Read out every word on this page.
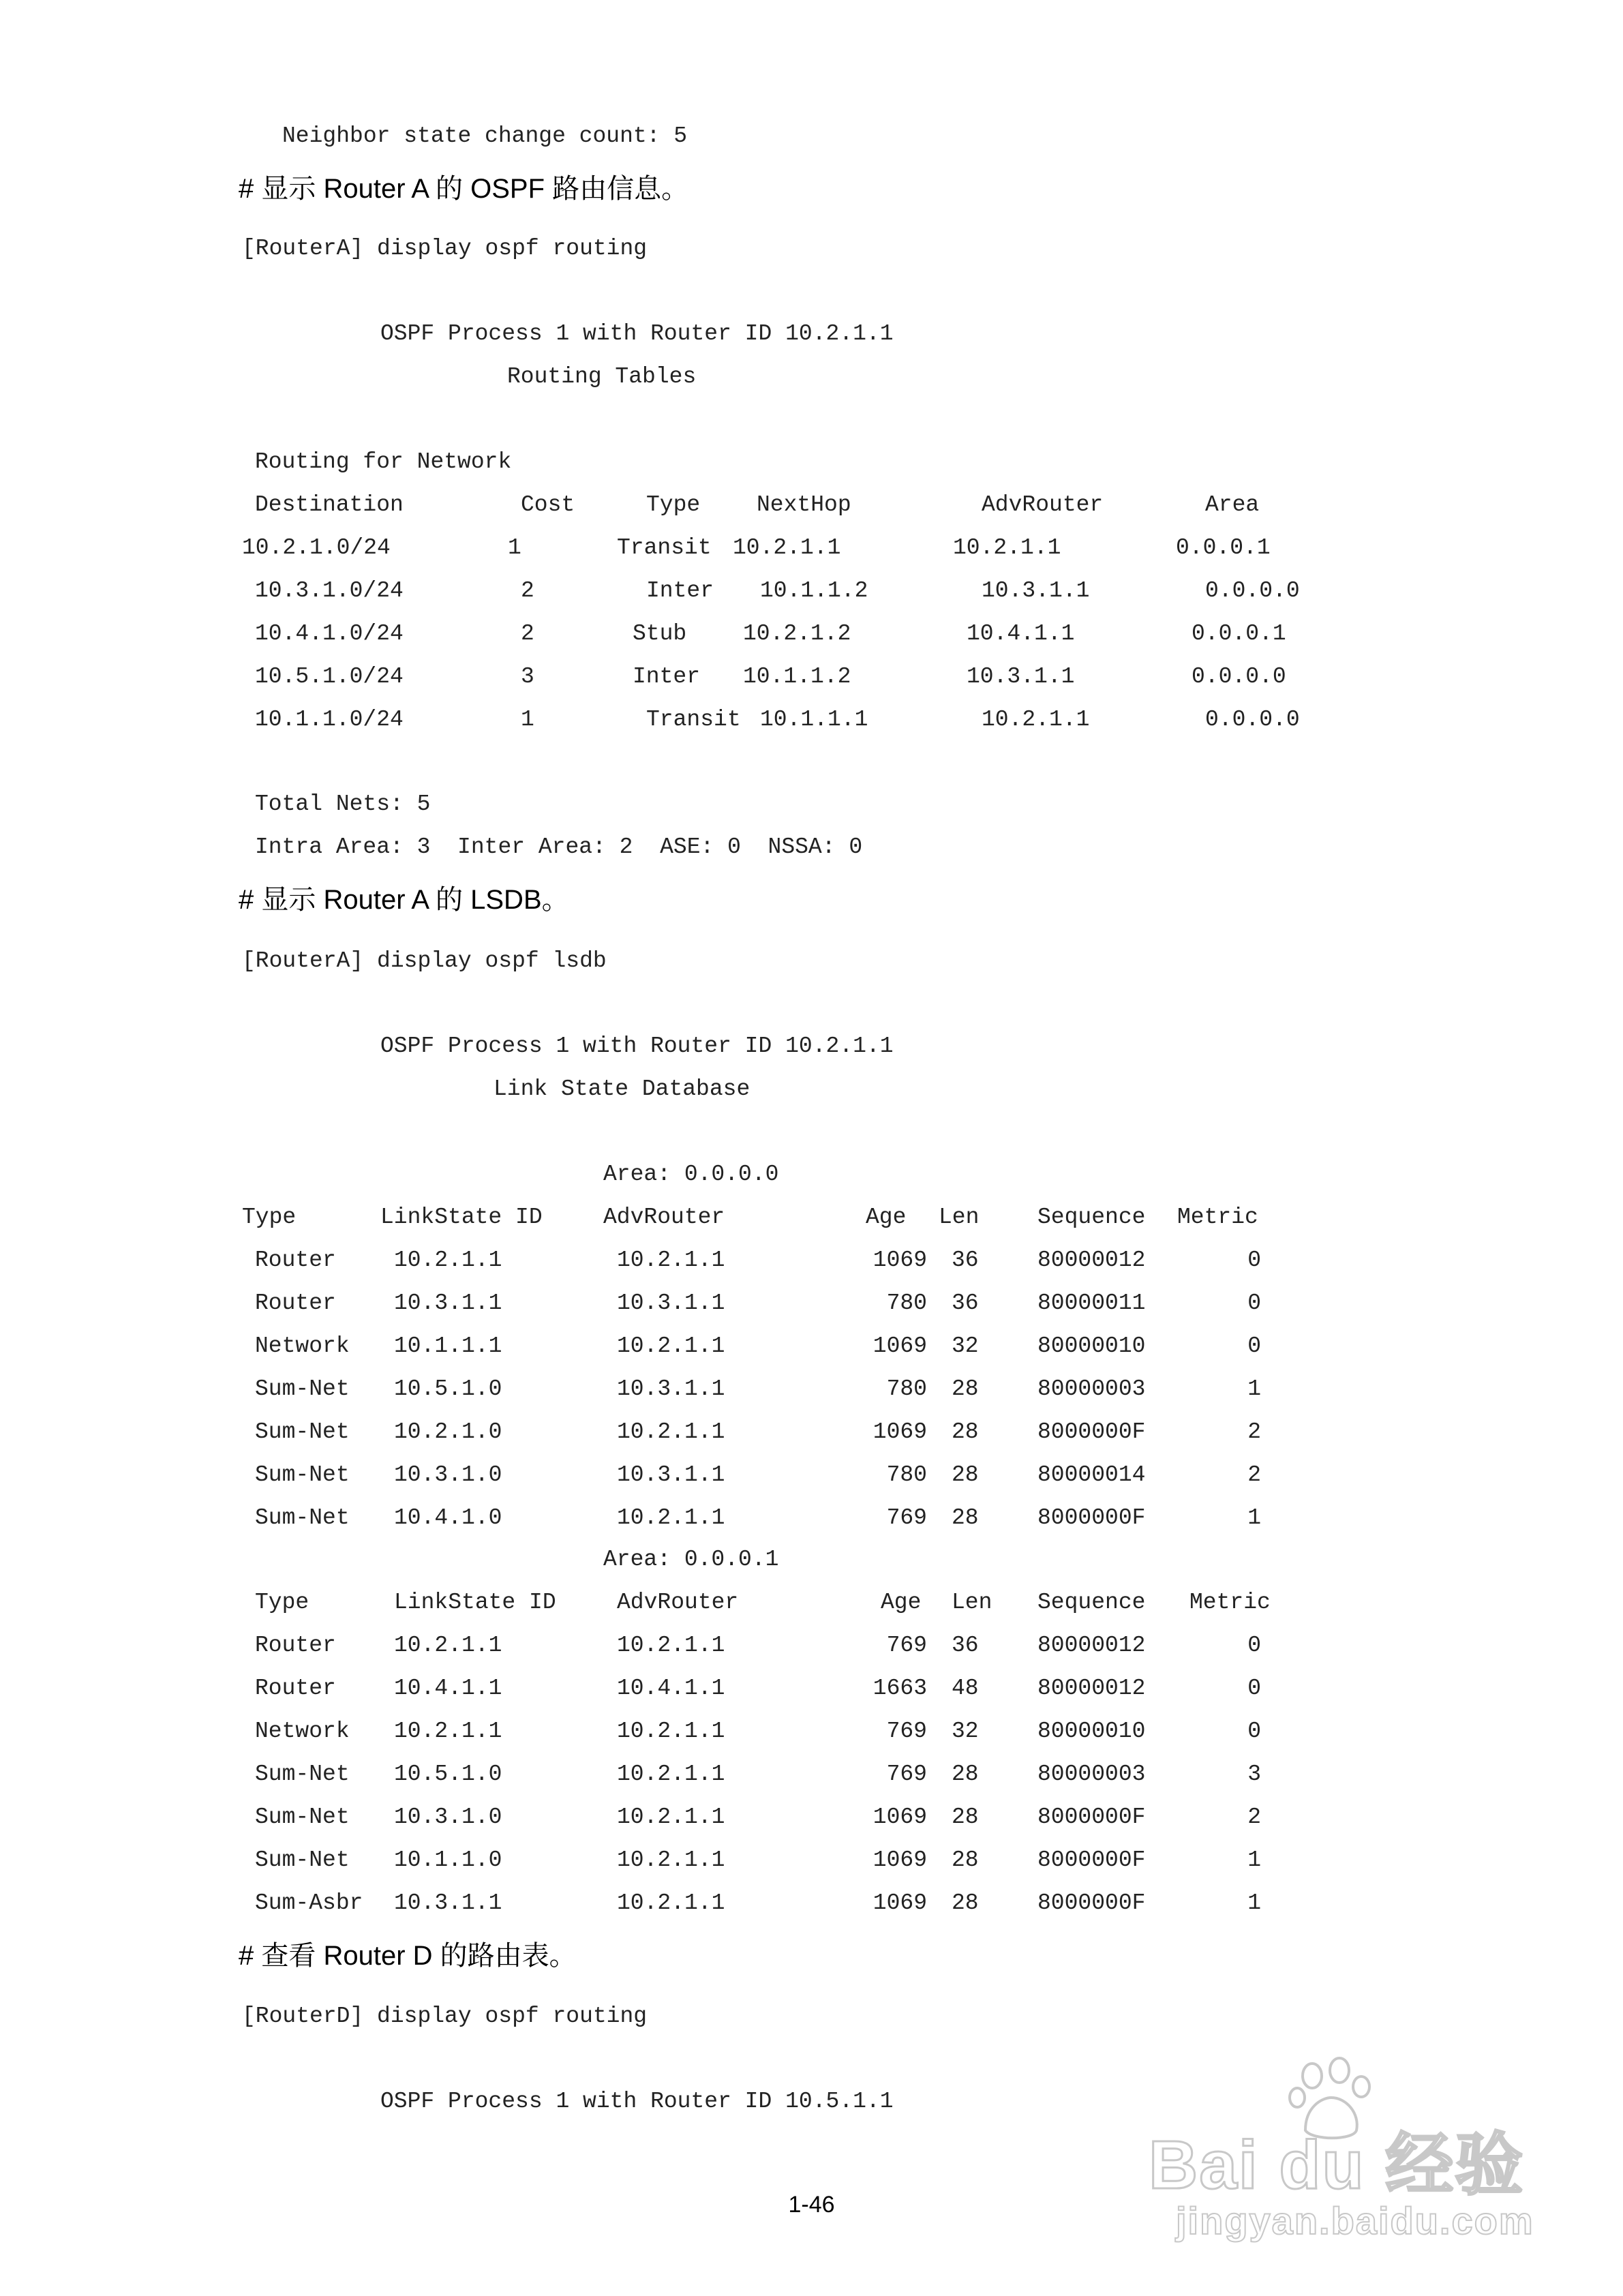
Neighbor state change count: 5
# 显示 Router A 的 OSPF 路由信息。
[RouterA] display ospf routing
OSPF Process 1 with Router ID 10.2.1.1
Routing Tables
Routing for Network
Destination	Cost	Type	NextHop	AdvRouter	Area
10.2.1.0/24	1	Transit 10.2.1.1	10.2.1.1	0.0.0.1
10.3.1.0/24	2	Inter 10.1.1.2	10.3.1.1	0.0.0.0
10.4.1.0/24	2	Stub	10.2.1.2	10.4.1.1	0.0.0.1
10.5.1.0/24	3	Inter 10.1.1.2	10.3.1.1	0.0.0.0
10.1.1.0/24	1	Transit 10.1.1.1	10.2.1.1	0.0.0.0
Total Nets: 5
Intra Area: 3  Inter Area: 2  ASE: 0  NSSA: 0
# 显示 Router A 的 LSDB。
[RouterA] display ospf lsdb
OSPF Process 1 with Router ID 10.2.1.1
Link State Database
Area: 0.0.0.0
Type	LinkState ID	AdvRouter	Age Len	Sequence Metric
Router	10.2.1.1	10.2.1.1	1069 36	80000012	0
Router	10.3.1.1	10.3.1.1	780 36	80000011	0
Network 10.1.1.1	10.2.1.1	1069 32	80000010	0
Sum-Net 10.5.1.0	10.3.1.1	780 28	80000003	1
Sum-Net 10.2.1.0	10.2.1.1	1069 28	8000000F	2
Sum-Net 10.3.1.0	10.3.1.1	780 28	80000014	2
Sum-Net 10.4.1.0	10.2.1.1	769 28	8000000F	1
Area: 0.0.0.1
Type	LinkState ID	AdvRouter	Age Len Sequence Metric
Router	10.2.1.1	10.2.1.1	769 36	80000012	0
Router	10.4.1.1	10.4.1.1	1663 48	80000012	0
Network 10.2.1.1	10.2.1.1	769 32	80000010	0
Sum-Net 10.5.1.0	10.2.1.1	769 28	80000003	3
Sum-Net 10.3.1.0	10.2.1.1	1069 28	8000000F	2
Sum-Net 10.1.1.0	10.2.1.1	1069 28	8000000F	1
Sum-Asbr 10.3.1.1	10.2.1.1	1069 28	8000000F	1
# 查看 Router D 的路由表。
[RouterD] display ospf routing
OSPF Process 1 with Router ID 10.5.1.1
1-46
Bai du 经验
jingyan.baidu.com
